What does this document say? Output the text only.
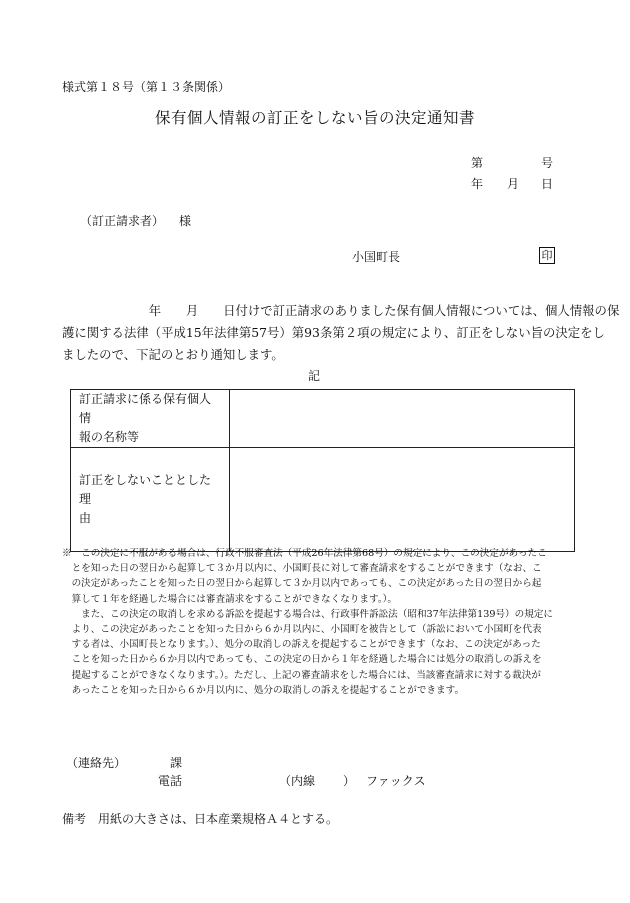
様式第１８号（第１３条関係）
保有個人情報の訂正をしない旨の決定通知書
第	号
年 月 日
（訂正請求者） 様
小国町長	印
　　　　　　　年　　月　　日付けで訂正請求のありました保有個人情報については、個人情報の保
護に関する法律（平成15年法律第57号）第93条第２項の規定により、訂正をしない旨の決定をし
ましたので、下記のとおり通知します。
記
訂正請求に係る保有個人情
報の名称等	
訂正をしないこととした理
由	
※　この決定に不服がある場合は、行政不服審査法（平成26年法律第68号）の規定により、この決定があったこ
　とを知った日の翌日から起算して３か月以内に、小国町長に対して審査請求をすることができます（なお、こ
　の決定があったことを知った日の翌日から起算して３か月以内であっても、この決定があった日の翌日から起
　算して１年を経過した場合には審査請求をすることができなくなります。）。
　　また、この決定の取消しを求める訴訟を提起する場合は、行政事件訴訟法（昭和37年法律第139号）の規定に
　より、この決定があったことを知った日から６か月以内に、小国町を被告として（訴訟において小国町を代表
　する者は、小国町長となります。）、処分の取消しの訴えを提起することができます（なお、この決定があった
　ことを知った日から６か月以内であっても、この決定の日から１年を経過した場合には処分の取消しの訴えを
　提起することができなくなります。）。ただし、上記の審査請求をした場合には、当該審査請求に対する裁決が
　あったことを知った日から６か月以内に、処分の取消しの訴えを提起することができます。
（連絡先）	課
電話	（内線 ） ファックス
備考　用紙の大きさは、日本産業規格Ａ４とする。
